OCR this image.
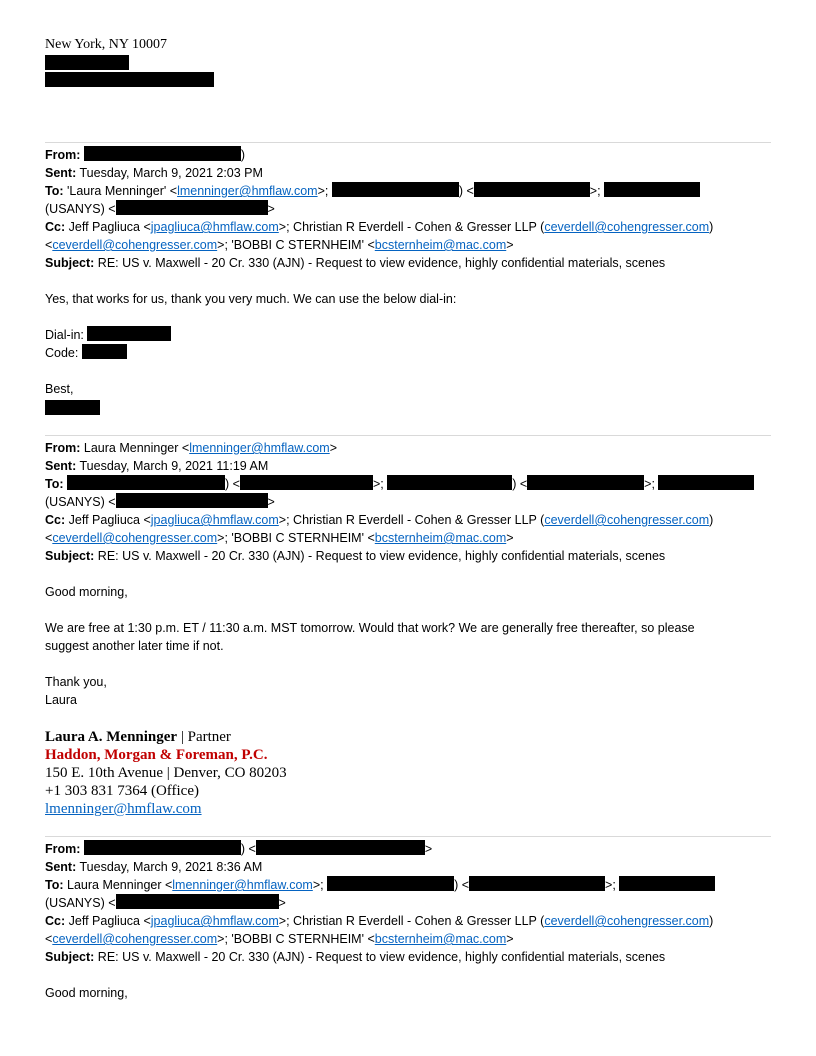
New York, NY 10007
From:	)
Sent: Tuesday, March 9, 2021 2:03 PM
To: 'Laura Menninger' <lmenninger@hmflaw.com>;	) <	>;
(USANYS) <	>
Cc: Jeff Pagliuca <jpagliuca@hmflaw.com>; Christian R Everdell - Cohen & Gresser LLP (ceverdell@cohengresser.com)
<ceverdell@cohengresser.com>; 'BOBBI C STERNHEIM' <bcsternheim@mac.com>
Subject: RE: US v. Maxwell - 20 Cr. 330 (AJN) - Request to view evidence, highly confidential materials, scenes
Yes, that works for us, thank you very much. We can use the below dial-in:
Dial-in:
Code:
Best,
From: Laura Menninger <lmenninger@hmflaw.com>
Sent: Tuesday, March 9, 2021 11:19 AM
To:	) <	>;	) <	>;
(USANYS) <	>
Cc: Jeff Pagliuca <jpagliuca@hmflaw.com>; Christian R Everdell - Cohen & Gresser LLP (ceverdell@cohengresser.com)
<ceverdell@cohengresser.com>; 'BOBBI C STERNHEIM' <bcsternheim@mac.com>
Subject: RE: US v. Maxwell - 20 Cr. 330 (AJN) - Request to view evidence, highly confidential materials, scenes
Good morning,
We are free at 1:30 p.m. ET / 11:30 a.m. MST tomorrow. Would that work? We are generally free thereafter, so please
suggest another later time if not.
Thank you,
Laura
Laura A. Menninger | Partner
Haddon, Morgan & Foreman, P.C.
150 E. 10th Avenue | Denver, CO 80203
+1 303 831 7364 (Office)
lmenninger@hmflaw.com
From:	) <	>
Sent: Tuesday, March 9, 2021 8:36 AM
To: Laura Menninger <lmenninger@hmflaw.com>;	) <	>;
(USANYS) <	>
Cc: Jeff Pagliuca <jpagliuca@hmflaw.com>; Christian R Everdell - Cohen & Gresser LLP (ceverdell@cohengresser.com)
<ceverdell@cohengresser.com>; 'BOBBI C STERNHEIM' <bcsternheim@mac.com>
Subject: RE: US v. Maxwell - 20 Cr. 330 (AJN) - Request to view evidence, highly confidential materials, scenes
Good morning,
